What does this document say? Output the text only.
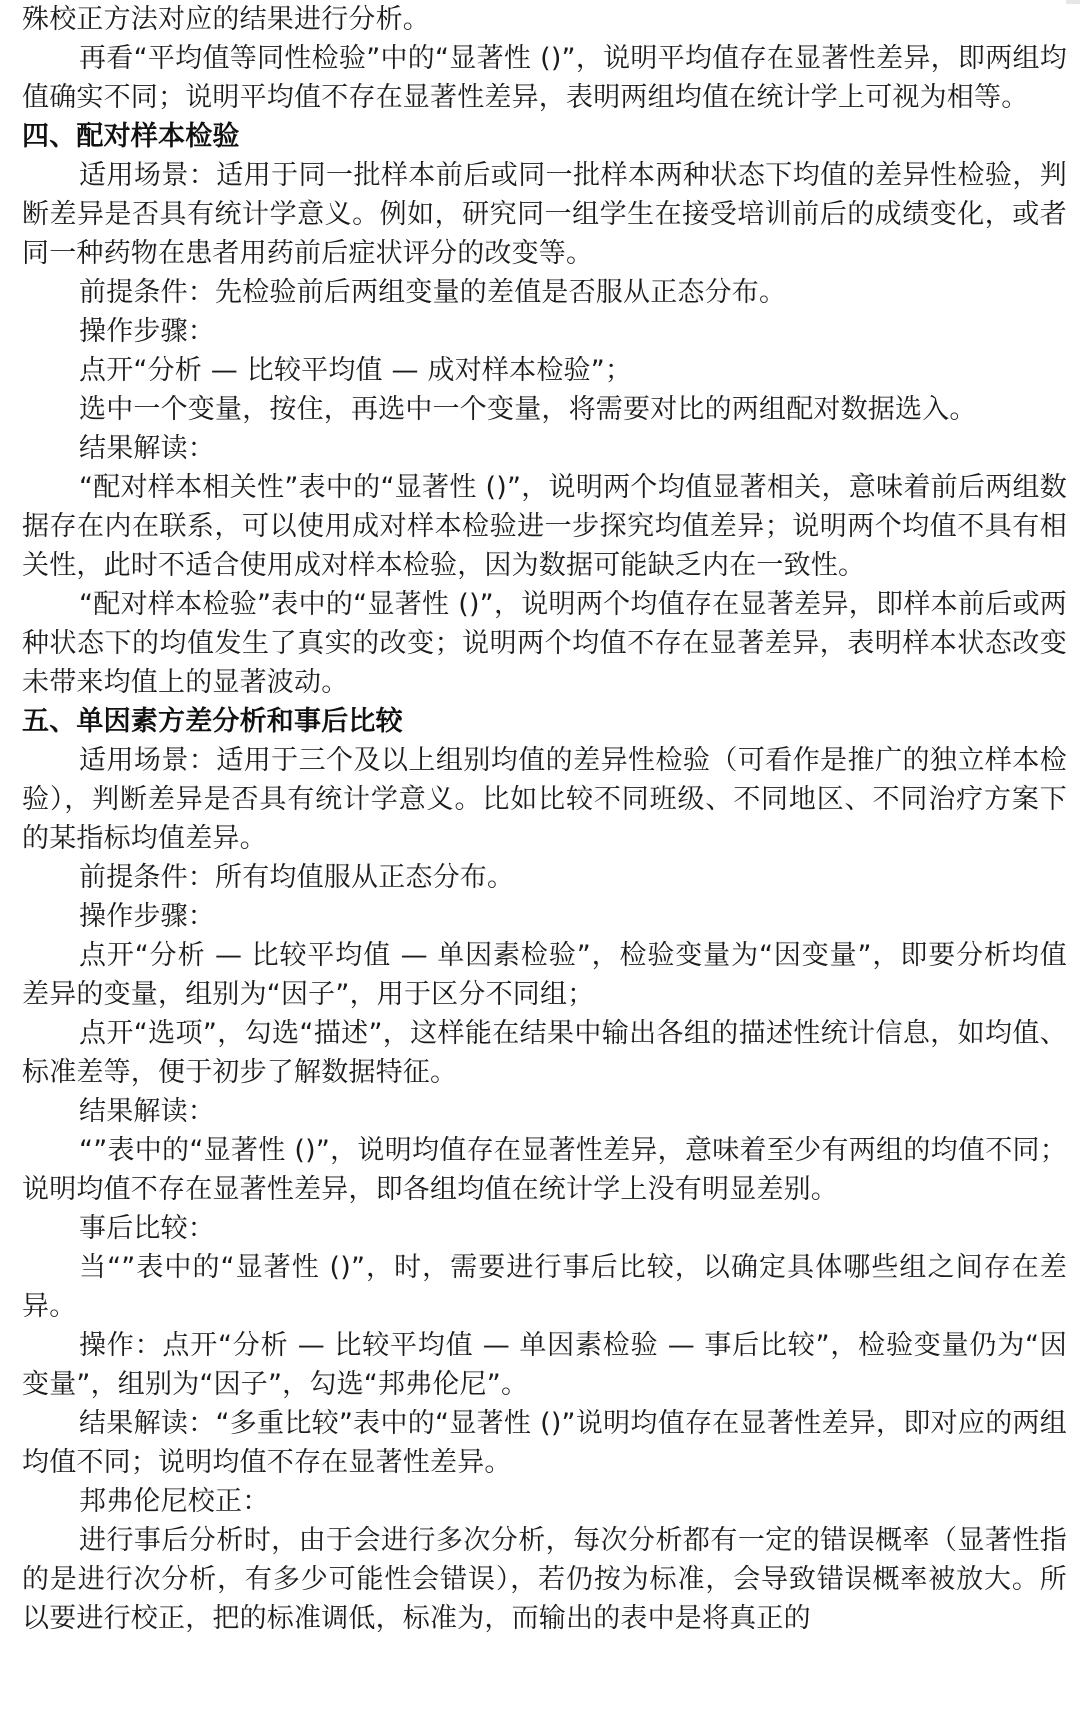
殊校正方法对应的结果进行分析。

再看“平均值等同性检验”中的“显著性 ()”，说明平均值存在显著性差异，即两组均值确实不同；说明平均值不存在显著性差异，表明两组均值在统计学上可视为相等。

四、配对样本检验

适用场景：适用于同一批样本前后或同一批样本两种状态下均值的差异性检验，判断差异是否具有统计学意义。例如，研究同一组学生在接受培训前后的成绩变化，或者同一种药物在患者用药前后症状评分的改变等。

前提条件：先检验前后两组变量的差值是否服从正态分布。

操作步骤：

点开“分析 — 比较平均值 — 成对样本检验”；

选中一个变量，按住，再选中一个变量，将需要对比的两组配对数据选入。

结果解读：

“配对样本相关性”表中的“显著性 ()”，说明两个均值显著相关，意味着前后两组数据存在内在联系，可以使用成对样本检验进一步探究均值差异；说明两个均值不具有相关性，此时不适合使用成对样本检验，因为数据可能缺乏内在一致性。

“配对样本检验”表中的“显著性 ()”，说明两个均值存在显著差异，即样本前后或两种状态下的均值发生了真实的改变；说明两个均值不存在显著差异，表明样本状态改变未带来均值上的显著波动。

五、单因素方差分析和事后比较

适用场景：适用于三个及以上组别均值的差异性检验（可看作是推广的独立样本检验），判断差异是否具有统计学意义。比如比较不同班级、不同地区、不同治疗方案下的某指标均值差异。

前提条件：所有均值服从正态分布。

操作步骤：

点开“分析 — 比较平均值 — 单因素检验”，检验变量为“因变量”，即要分析均值差异的变量，组别为“因子”，用于区分不同组；

点开“选项”，勾选“描述”，这样能在结果中输出各组的描述性统计信息，如均值、标准差等，便于初步了解数据特征。

结果解读：

“”表中的“显著性 ()”，说明均值存在显著性差异，意味着至少有两组的均值不同；说明均值不存在显著性差异，即各组均值在统计学上没有明显差别。

事后比较：

当“”表中的“显著性 ()”，时，需要进行事后比较，以确定具体哪些组之间存在差异。

操作：点开“分析 — 比较平均值 — 单因素检验 — 事后比较”，检验变量仍为“因变量”，组别为“因子”，勾选“邦弗伦尼”。

结果解读：“多重比较”表中的“显著性 ()”说明均值存在显著性差异，即对应的两组均值不同；说明均值不存在显著性差异。

邦弗伦尼校正：

进行事后分析时，由于会进行多次分析，每次分析都有一定的错误概率（显著性指的是进行次分析，有多少可能性会错误），若仍按为标准，会导致错误概率被放大。所以要进行校正，把的标准调低，标准为，而输出的表中是将真正的
